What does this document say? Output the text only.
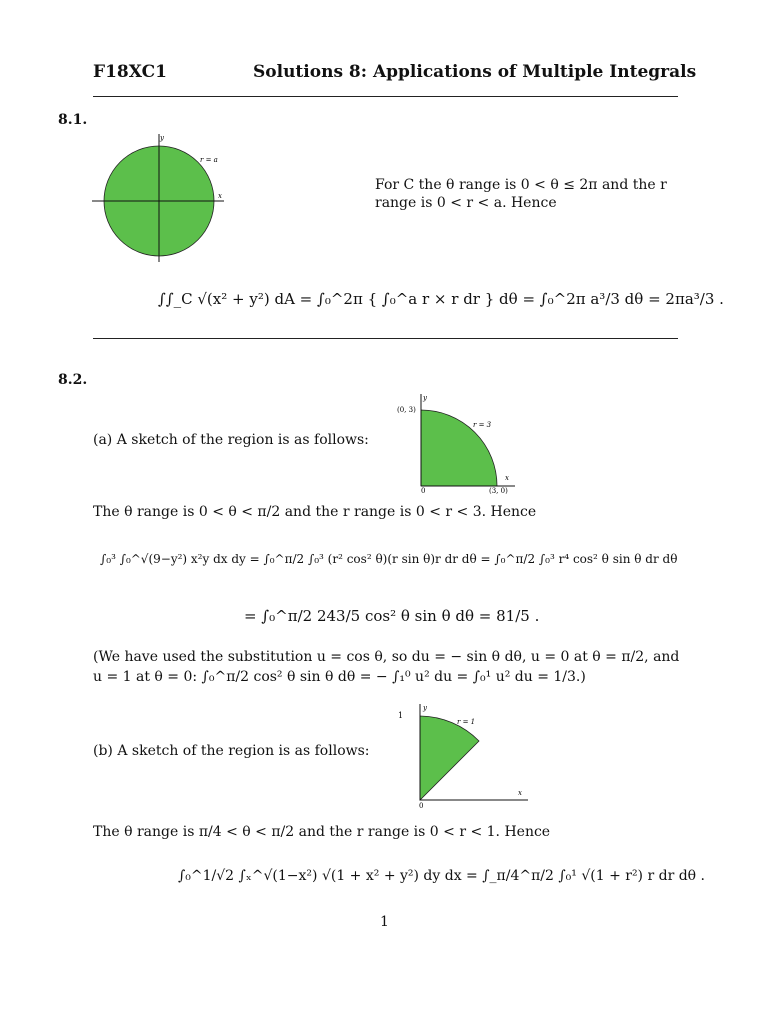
F18XC1	Solutions 8: Applications of Multiple Integrals
8.1.
y
x
r = a
For C the θ range is 0 < θ ≤ 2π and the r range is 0 < r < a. Hence
∫∫_C √(x² + y²) dA = ∫₀^2π { ∫₀^a r × r dr } dθ = ∫₀^2π a³/3 dθ = 2πa³/3 .
8.2.
(a) A sketch of the region is as follows:
y
x
(0, 3)
(3, 0)
0
r = 3
The θ range is 0 < θ < π/2 and the r range is 0 < r < 3. Hence
∫₀³ ∫₀^√(9−y²) x²y dx dy = ∫₀^π/2 ∫₀³ (r² cos² θ)(r sin θ)r dr dθ = ∫₀^π/2 ∫₀³ r⁴ cos² θ sin θ dr dθ
= ∫₀^π/2 243/5 cos² θ sin θ dθ = 81/5 .
(We have used the substitution u = cos θ, so du = − sin θ dθ, u = 0 at θ = π/2, and
u = 1 at θ = 0: ∫₀^π/2 cos² θ sin θ dθ = − ∫₁⁰ u² du = ∫₀¹ u² du = 1/3.)
y
x
1
0
r = 1
(b) A sketch of the region is as follows:
The θ range is π/4 < θ < π/2 and the r range is 0 < r < 1. Hence
∫₀^1/√2 ∫ₓ^√(1−x²) √(1 + x² + y²) dy dx = ∫_π/4^π/2 ∫₀¹ √(1 + r²) r dr dθ .
1
